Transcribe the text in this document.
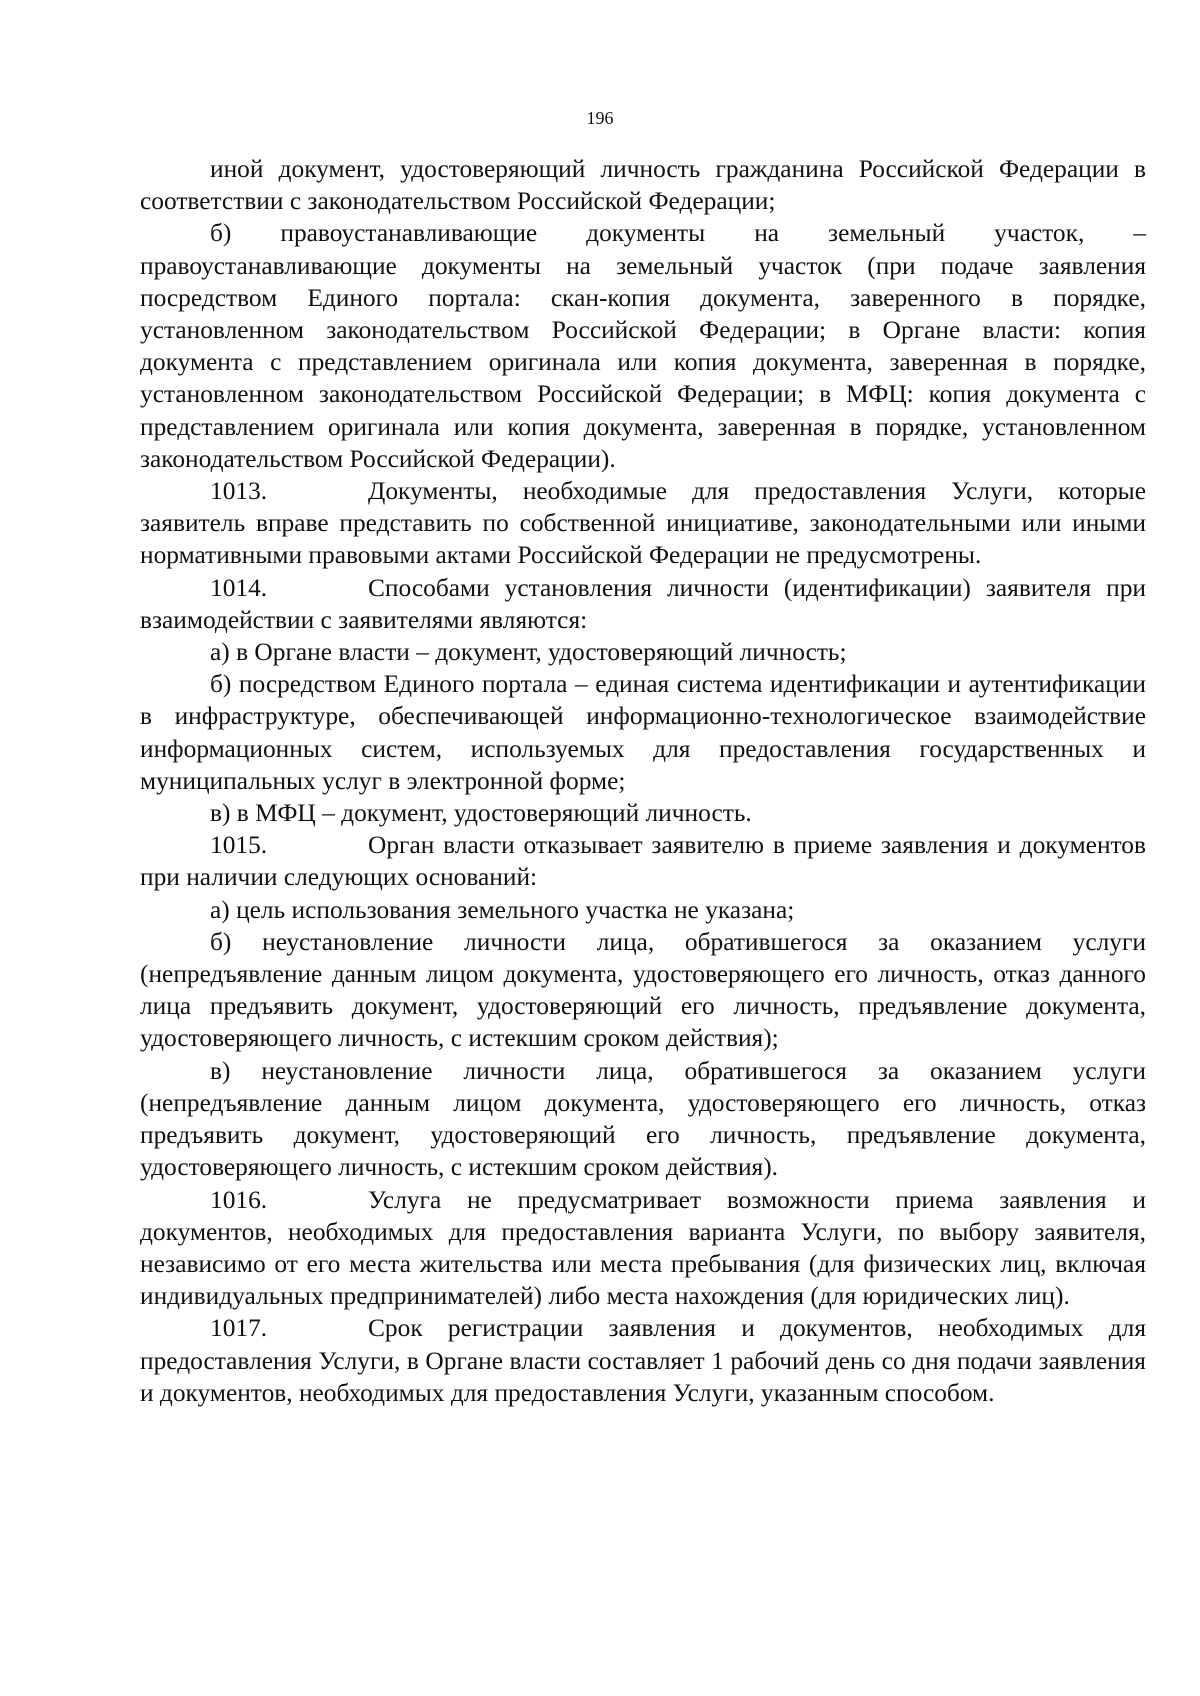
196

иной документ, удостоверяющий личность гражданина Российской Федерации в соответствии с законодательством Российской Федерации;

б) правоустанавливающие документы на земельный участок, – правоустанавливающие документы на земельный участок (при подаче заявления посредством Единого портала: скан-копия документа, заверенного в порядке, установленном законодательством Российской Федерации; в Органе власти: копия документа с представлением оригинала или копия документа, заверенная в порядке, установленном законодательством Российской Федерации; в МФЦ: копия документа с представлением оригинала или копия документа, заверенная в порядке, установленном законодательством Российской Федерации).

1013.	Документы, необходимые для предоставления Услуги, которые заявитель вправе представить по собственной инициативе, законодательными или иными нормативными правовыми актами Российской Федерации не предусмотрены.

1014.	Способами установления личности (идентификации) заявителя при взаимодействии с заявителями являются:

а) в Органе власти – документ, удостоверяющий личность;

б) посредством Единого портала – единая система идентификации и аутентификации в инфраструктуре, обеспечивающей информационно-технологическое взаимодействие информационных систем, используемых для предоставления государственных и муниципальных услуг в электронной форме;

в) в МФЦ – документ, удостоверяющий личность.

1015.	Орган власти отказывает заявителю в приеме заявления и документов при наличии следующих оснований:

а) цель использования земельного участка не указана;

б) неустановление личности лица, обратившегося за оказанием услуги (непредъявление данным лицом документа, удостоверяющего его личность, отказ данного лица предъявить документ, удостоверяющий его личность, предъявление документа, удостоверяющего личность, с истекшим сроком действия);

в) неустановление личности лица, обратившегося за оказанием услуги (непредъявление данным лицом документа, удостоверяющего его личность, отказ предъявить документ, удостоверяющий его личность, предъявление документа, удостоверяющего личность, с истекшим сроком действия).

1016.	Услуга не предусматривает возможности приема заявления и документов, необходимых для предоставления варианта Услуги, по выбору заявителя, независимо от его места жительства или места пребывания (для физических лиц, включая индивидуальных предпринимателей) либо места нахождения (для юридических лиц).

1017.	Срок регистрации заявления и документов, необходимых для предоставления Услуги, в Органе власти составляет 1 рабочий день со дня подачи заявления и документов, необходимых для предоставления Услуги, указанным способом.
